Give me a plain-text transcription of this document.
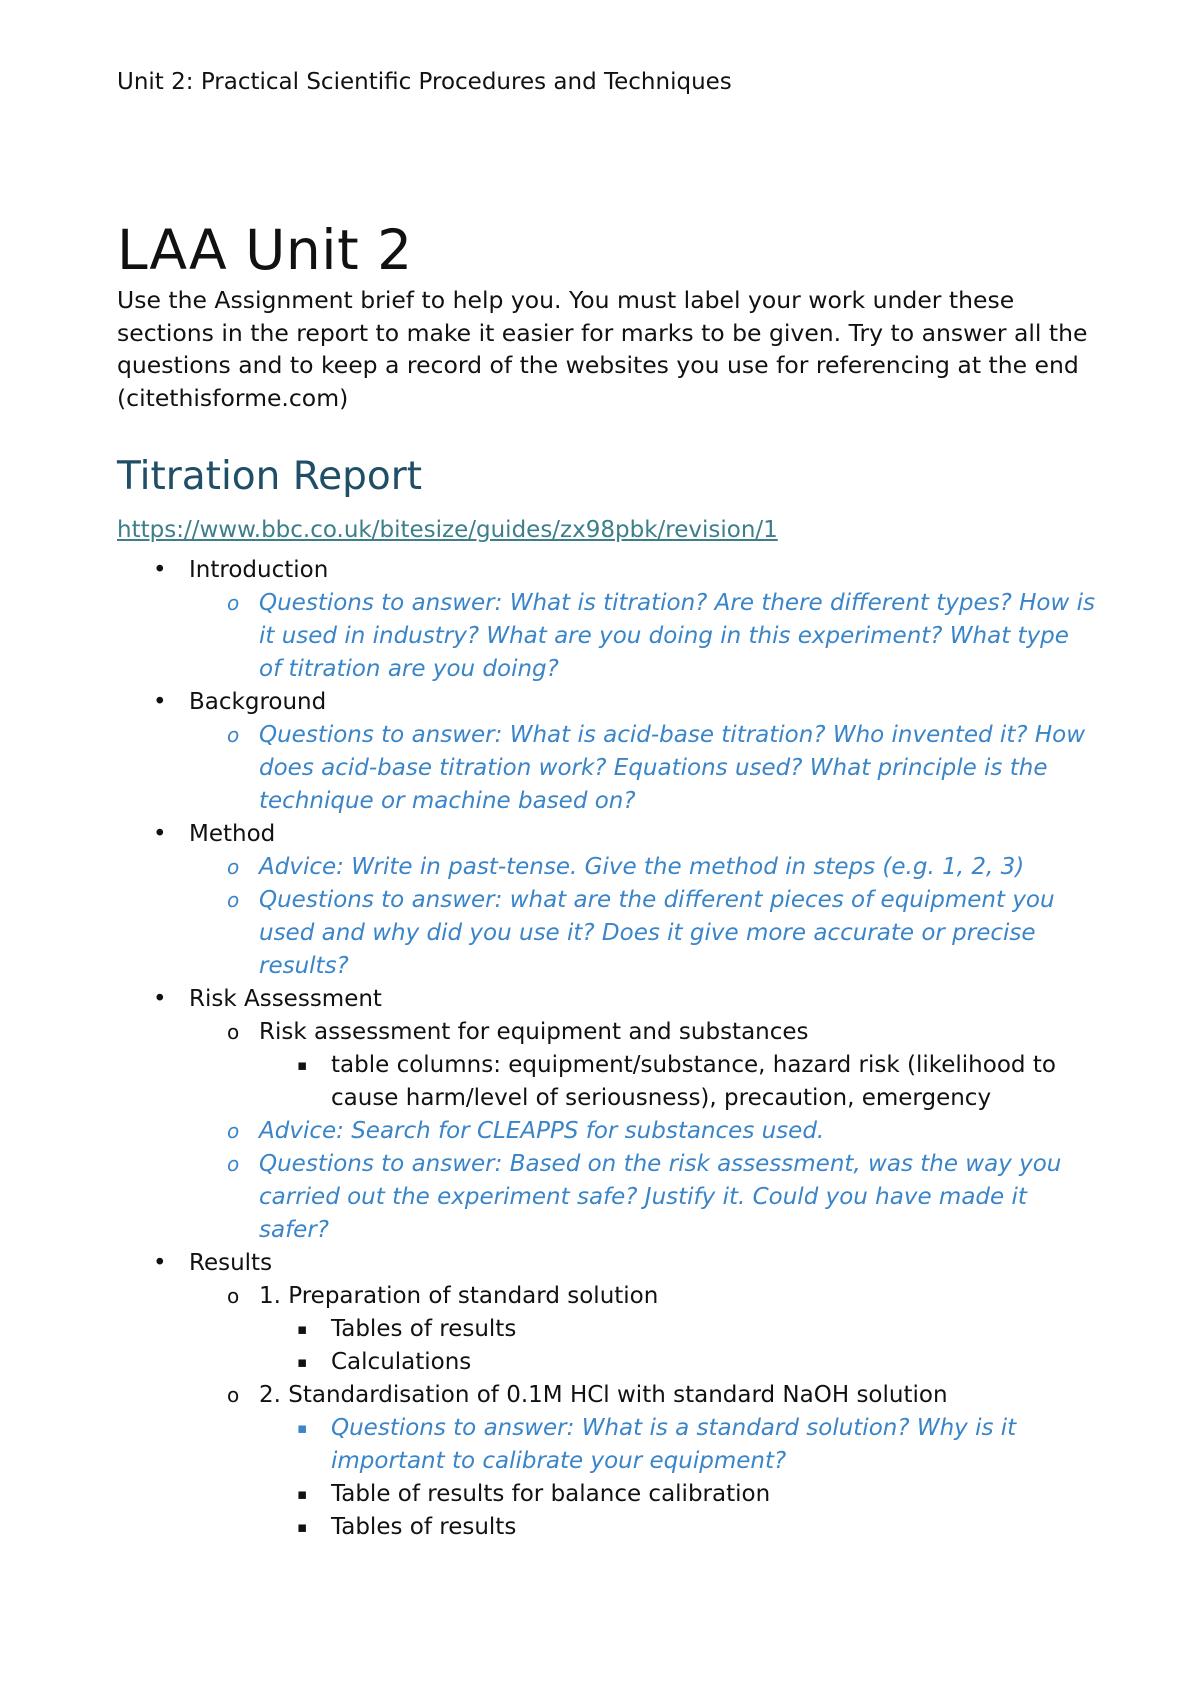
Unit 2: Practical Scientific Procedures and Techniques

LAA Unit 2

Use the Assignment brief to help you. You must label your work under these sections in the report to make it easier for marks to be given. Try to answer all the questions and to keep a record of the websites you use for referencing at the end (citethisforme.com)

Titration Report
https://www.bbc.co.uk/bitesize/guides/zx98pbk/revision/1
• Introduction
o Questions to answer: What is titration? Are there different types? How is it used in industry? What are you doing in this experiment? What type of titration are you doing?
• Background
o Questions to answer: What is acid-base titration? Who invented it? How does acid-base titration work? Equations used? What principle is the technique or machine based on?
• Method
o Advice: Write in past-tense. Give the method in steps (e.g. 1, 2, 3)
o Questions to answer: what are the different pieces of equipment you used and why did you use it? Does it give more accurate or precise results?
• Risk Assessment
o Risk assessment for equipment and substances
▪ table columns: equipment/substance, hazard risk (likelihood to cause harm/level of seriousness), precaution, emergency
o Advice: Search for CLEAPPS for substances used.
o Questions to answer: Based on the risk assessment, was the way you carried out the experiment safe? Justify it. Could you have made it safer?
• Results
o 1. Preparation of standard solution
▪ Tables of results
▪ Calculations
o 2. Standardisation of 0.1M HCl with standard NaOH solution
▪ Questions to answer: What is a standard solution? Why is it important to calibrate your equipment?
▪ Table of results for balance calibration
▪ Tables of results
